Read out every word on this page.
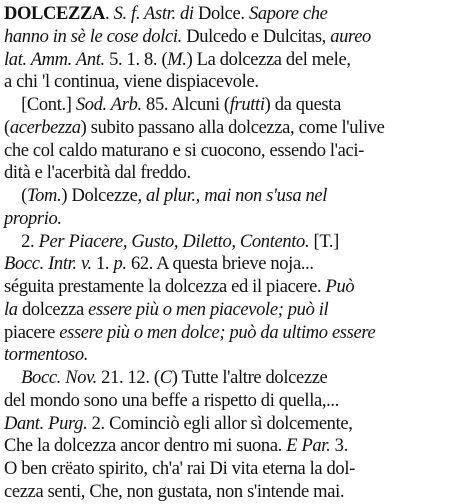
DOLCEZZA. S. f. Astr. di Dolce. Sapore che
hanno in sè le cose dolci. Dulcedo e Dulcitas, aureo
lat. Amm. Ant. 5. 1. 8. (M.) La dolcezza del mele,
a chi 'l continua, viene dispiacevole.
[Cont.] Sod. Arb. 85. Alcuni (frutti) da questa
(acerbezza) subito passano alla dolcezza, come l'ulive
che col caldo maturano e si cuocono, essendo l'aci-
dità e l'acerbità dal freddo.
(Tom.) Dolcezze, al plur., mai non s'usa nel
proprio.
2. Per Piacere, Gusto, Diletto, Contento. [T.]
Bocc. Intr. v. 1. p. 62. A questa brieve noja...
séguita prestamente la dolcezza ed il piacere. Può
la dolcezza essere più o men piacevole; può il
piacere essere più o men dolce; può da ultimo essere
tormentoso.
Bocc. Nov. 21. 12. (C) Tutte l'altre dolcezze
del mondo sono una beffe a rispetto di quella,...
Dant. Purg. 2. Cominciò egli allor sì dolcemente,
Che la dolcezza ancor dentro mi suona. E Par. 3.
O ben crëato spirito, ch'a' rai Di vita eterna la dol-
cezza senti, Che, non gustata, non s'intende mai.
